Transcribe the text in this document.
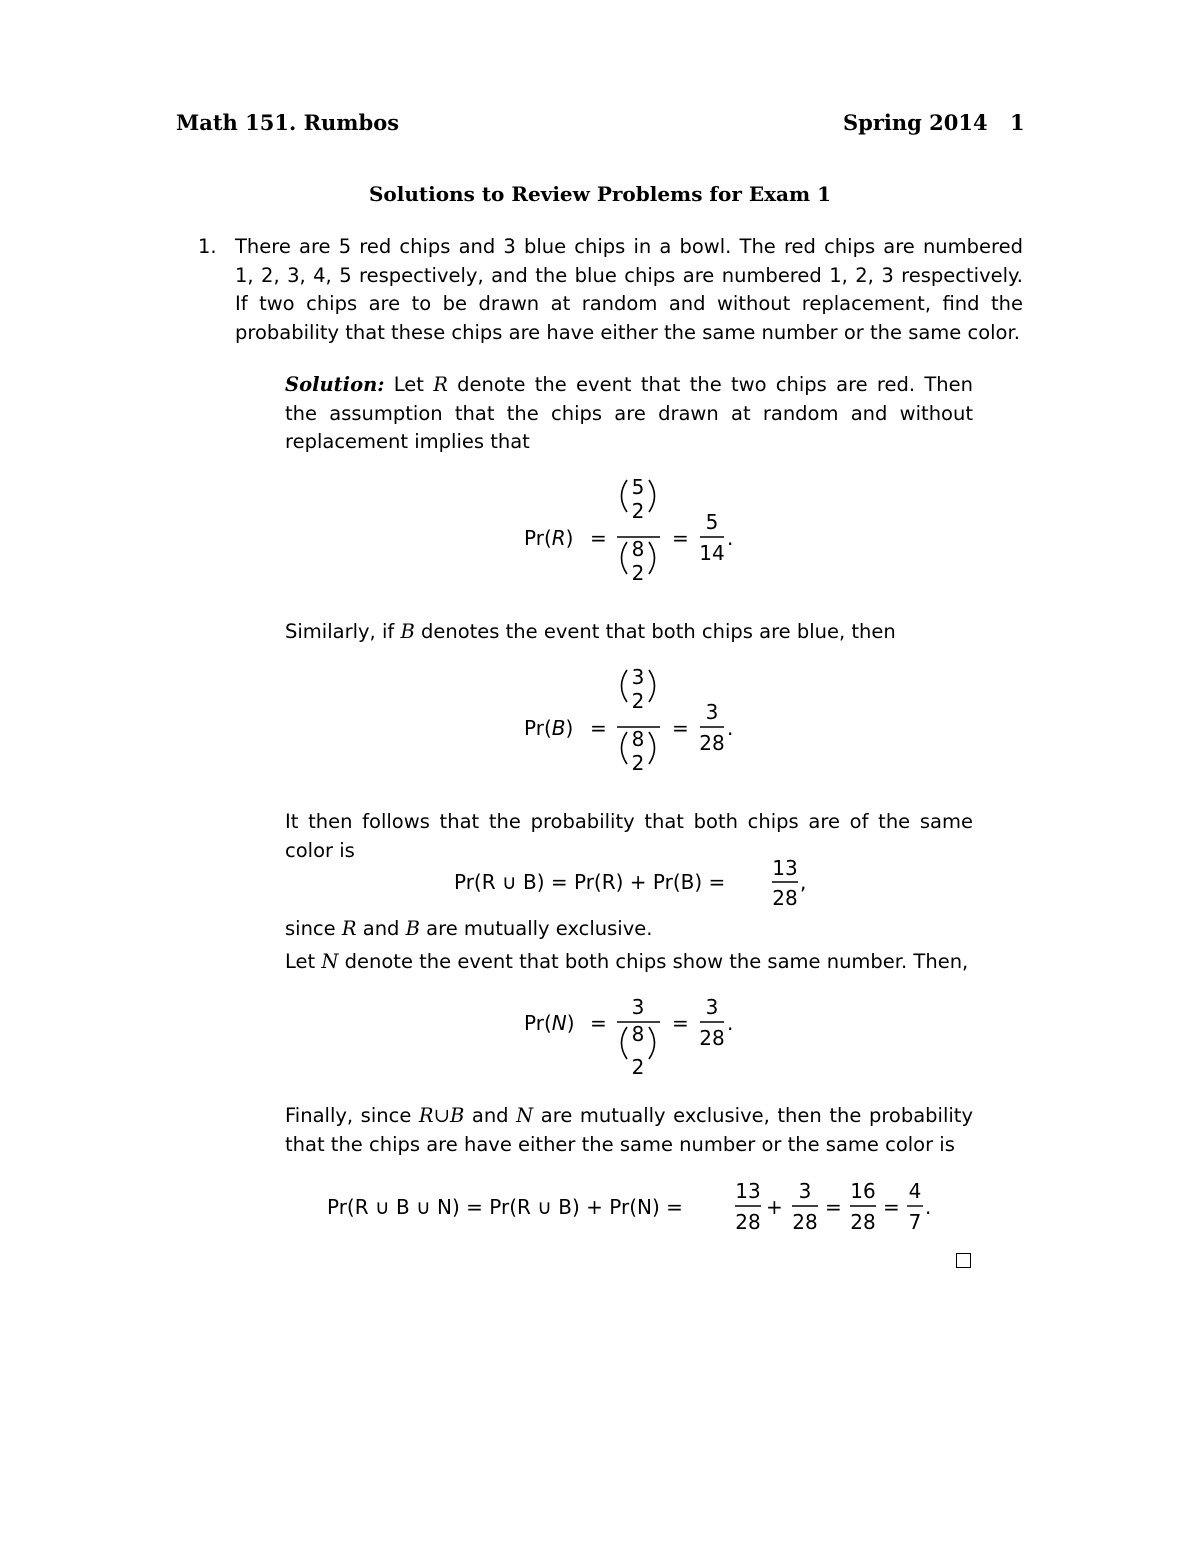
Math 151. Rumbos	Spring 2014 1
Solutions to Review Problems for Exam 1
1. There are 5 red chips and 3 blue chips in a bowl. The red chips are numbered
1, 2, 3, 4, 5 respectively, and the blue chips are numbered 1, 2, 3 respectively.
If two chips are to be drawn at random and without replacement, find the
probability that these chips are have either the same number or the same color.
Solution: Let R denote the event that the two chips are red. Then
the assumption that the chips are drawn at random and without
replacement implies that
Pr(R) =
5
2
8
2
=
5
14
.
Similarly, if B denotes the event that both chips are blue, then
Pr(B) =
3
2
8
2
=
3
28
.
It then follows that the probability that both chips are of the same
color is
Pr(R ∪ B) = Pr(R) + Pr(B) =
13
28
,
since R and B are mutually exclusive.
Let N denote the event that both chips show the same number. Then,
Pr(N) =
3
8
2
=
3
28
.
Finally, since R∪B and N are mutually exclusive, then the probability
that the chips are have either the same number or the same color is
Pr(R ∪ B ∪ N) = Pr(R ∪ B) + Pr(N) =
13
28
+
3
28
=
16
28
=
4
7
.
